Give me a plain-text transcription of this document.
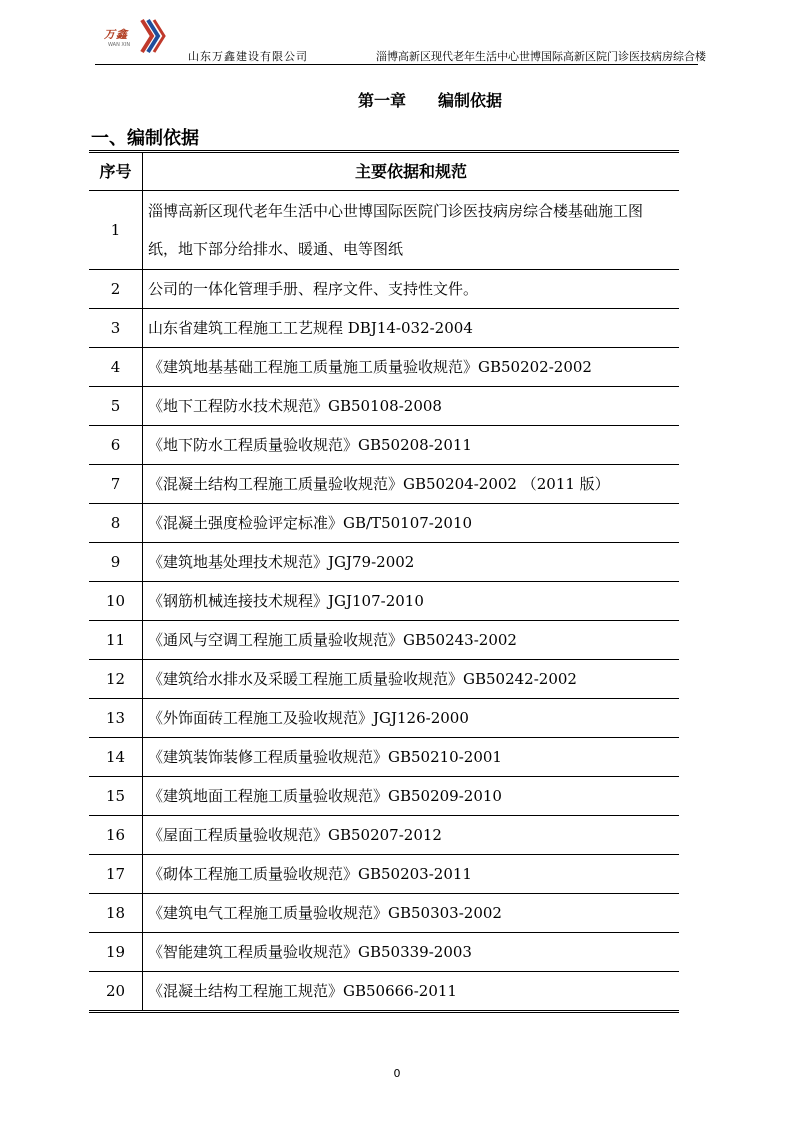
万鑫
WAN XIN
山东万鑫建设有限公司	淄博高新区现代老年生活中心世博国际高新区院门诊医技病房综合楼
第一章　　编制依据
一、编制依据
序号	主要依据和规范
1	淄博高新区现代老年生活中心世博国际医院门诊医技病房综合楼基础施工图纸，地下部分给排水、暖通、电等图纸

2	公司的一体化管理手册、程序文件、支持性文件。
3	山东省建筑工程施工工艺规程 DBJ14-032-2004
4	《建筑地基基础工程施工质量施工质量验收规范》GB50202-2002
5	《地下工程防水技术规范》GB50108-2008
6	《地下防水工程质量验收规范》GB50208-2011
7	《混凝土结构工程施工质量验收规范》GB50204-2002 （2011 版）
8	《混凝土强度检验评定标准》GB/T50107-2010
9	《建筑地基处理技术规范》JGJ79-2002
10	《钢筋机械连接技术规程》JGJ107-2010
11	《通风与空调工程施工质量验收规范》GB50243-2002
12	《建筑给水排水及采暖工程施工质量验收规范》GB50242-2002
13	《外饰面砖工程施工及验收规范》JGJ126-2000
14	《建筑装饰装修工程质量验收规范》GB50210-2001
15	《建筑地面工程施工质量验收规范》GB50209-2010
16	《屋面工程质量验收规范》GB50207-2012
17	《砌体工程施工质量验收规范》GB50203-2011
18	《建筑电气工程施工质量验收规范》GB50303-2002
19	《智能建筑工程质量验收规范》GB50339-2003
20	《混凝土结构工程施工规范》GB50666-2011
0
